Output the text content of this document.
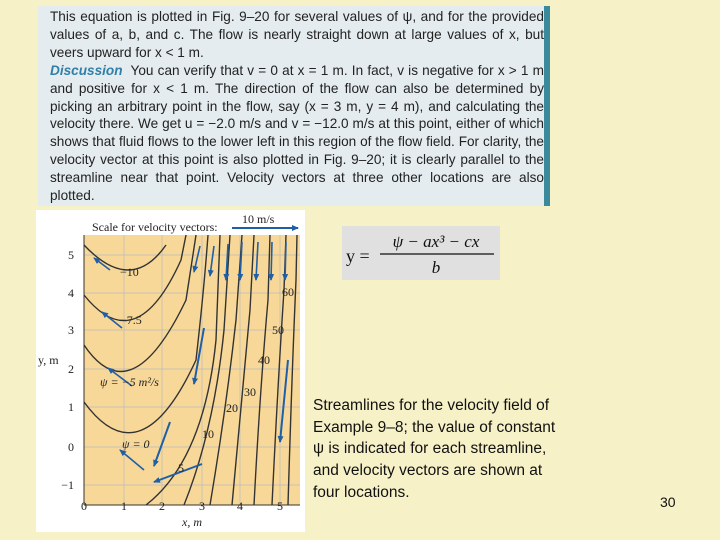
This equation is plotted in Fig. 9–20 for several values of ψ, and for the provided values of a, b, and c. The flow is nearly straight down at large values of x, but veers upward for x < 1 m.

Discussion You can verify that v = 0 at x = 1 m. In fact, v is negative for x > 1 m and positive for x < 1 m. The direction of the flow can also be determined by picking an arbitrary point in the flow, say (x = 3 m, y = 4 m), and calculating the velocity there. We get u = −2.0 m/s and v = −12.0 m/s at this point, either of which shows that fluid flows to the lower left in this region of the flow field. For clarity, the velocity vector at this point is also plotted in Fig. 9–20; it is clearly parallel to the streamline near that point. Velocity vectors at three other locations are also plotted.

Scale for velocity vectors:
10 m/s
5
4
3
2
1
0
−1
y, m
0	1	2	3	4	5
x, m
−10
−7.5
ψ = −5 m²/s
ψ = 0
5
10
20
30
40
50
60
y =
ψ − ax³ − cx
b
Streamlines for the velocity field of Example 9–8; the value of constant ψ is indicated for each streamline, and velocity vectors are shown at four locations.
30
